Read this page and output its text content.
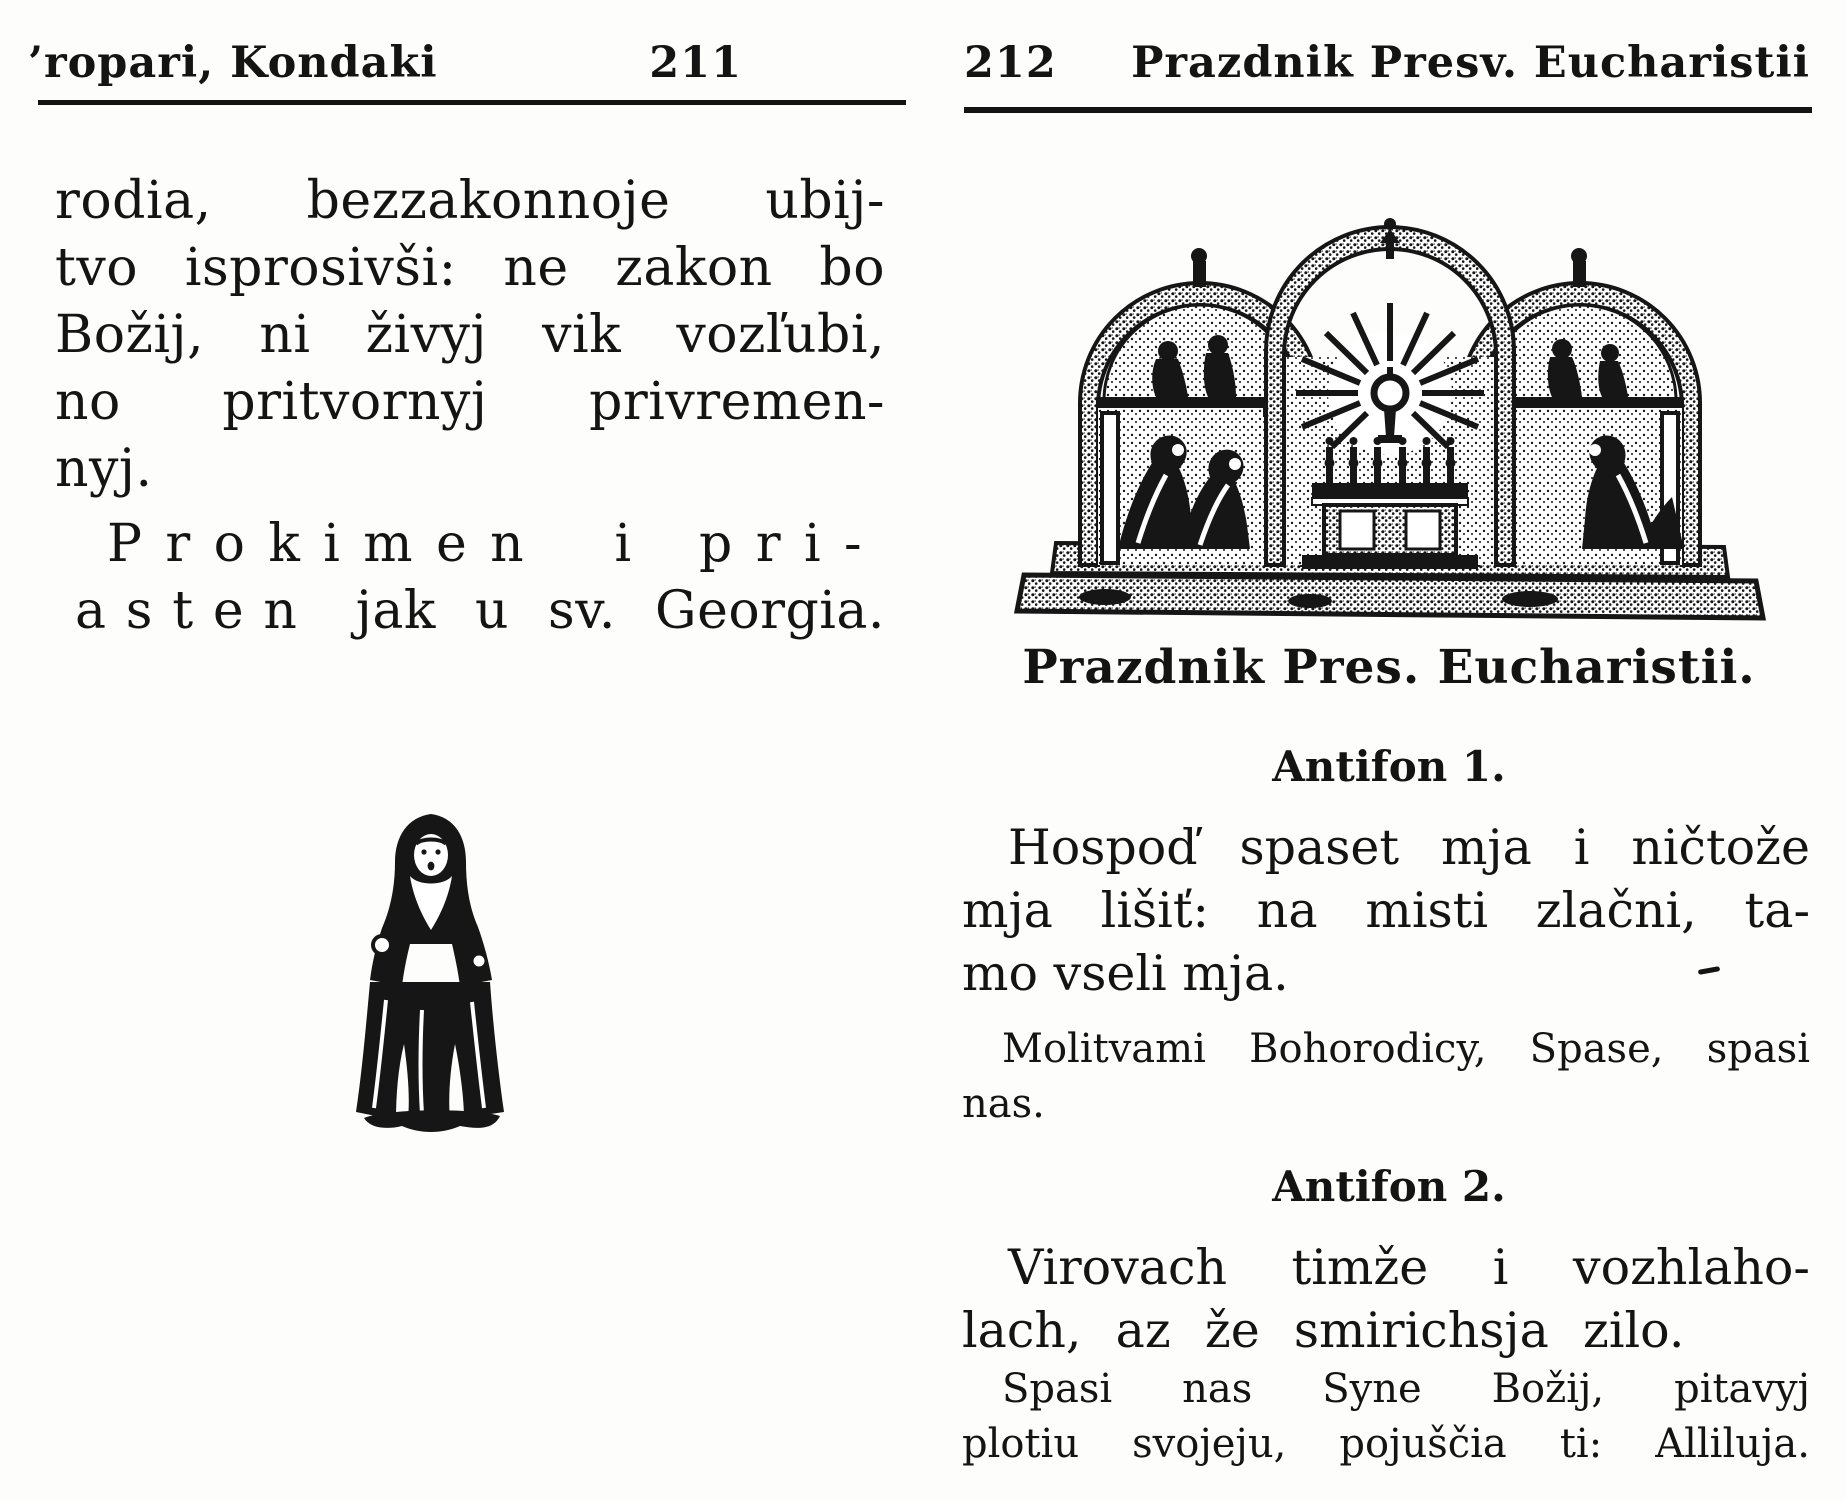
’ropari, Kondaki	211
rodia, bezzakonnoje ubij-
tvo isprosivši: ne zakon bo
Božij, ni živyj vik vozľubi,
no pritvornyj privremen-
nyj.
Prokimen i pri-
asten jak u sv. Georgia.
212 Prazdnik Presv. Eucharistii
Prazdnik Pres. Eucharistii.
Antifon 1.
Hospoď spaset mja i ničtože
mja lišiť: na misti zlačni, ta-
mo vseli mja.
Molitvami Bohorodicy, Spase, spasi
nas.
Antifon 2.
Virovach timže i vozhlaho-
lach, az že smirichsja zilo.
Spasi nas Syne Božij, pitavyj
plotiu svojeju, pojuščia ti: Alliluja.
